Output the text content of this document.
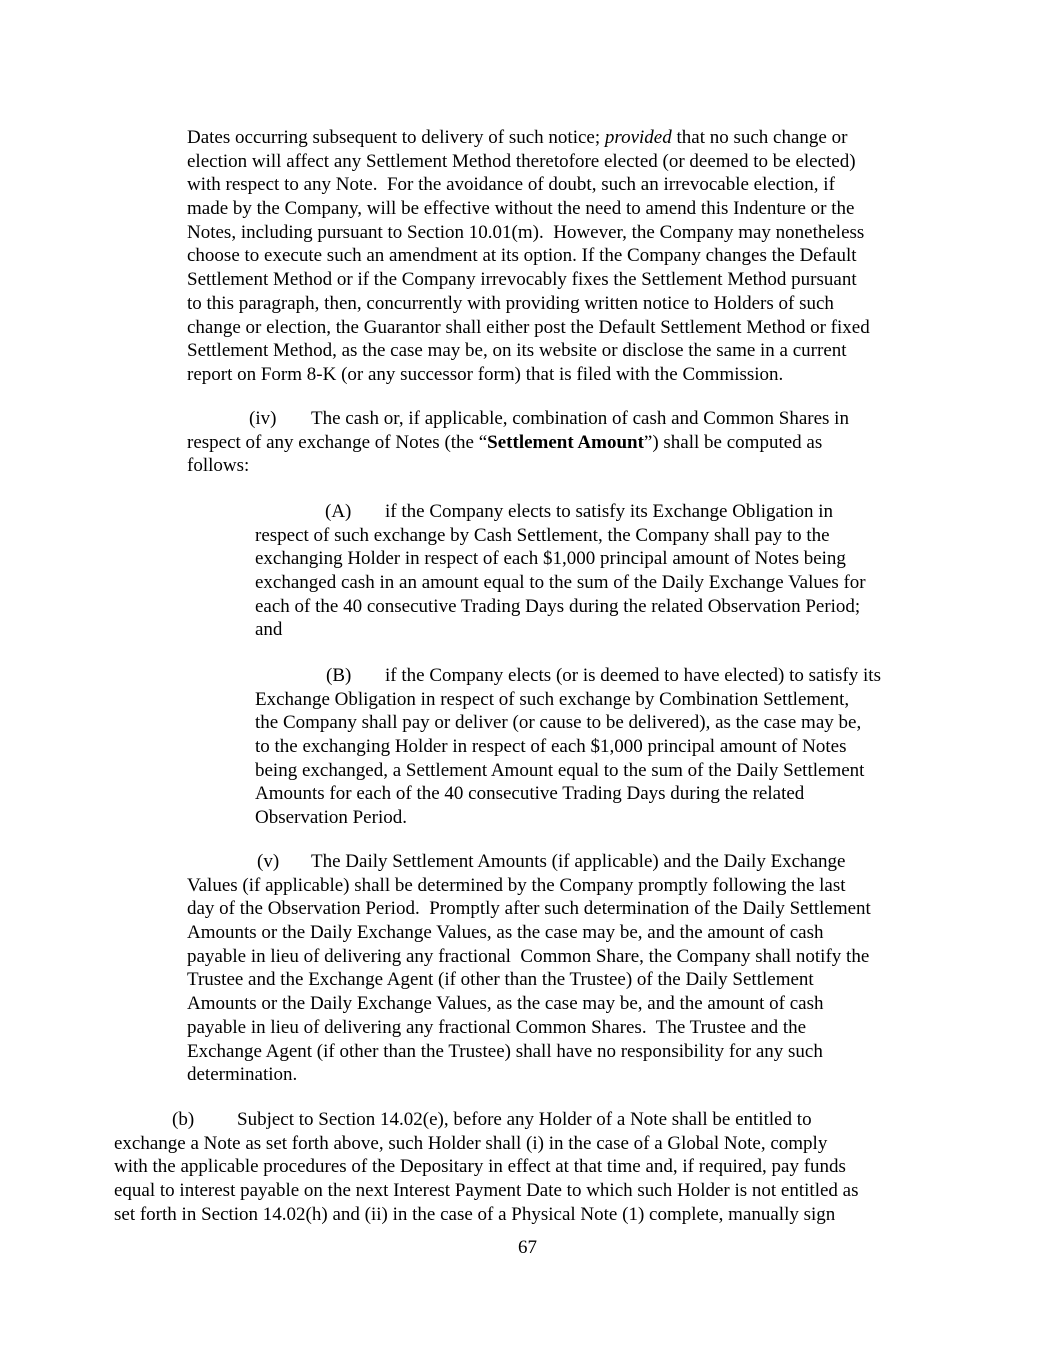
Dates occurring subsequent to delivery of such notice; provided that no such change or
election will affect any Settlement Method theretofore elected (or deemed to be elected)
with respect to any Note.  For the avoidance of doubt, such an irrevocable election, if
made by the Company, will be effective without the need to amend this Indenture or the
Notes, including pursuant to Section 10.01(m).  However, the Company may nonetheless
choose to execute such an amendment at its option. If the Company changes the Default
Settlement Method or if the Company irrevocably fixes the Settlement Method pursuant
to this paragraph, then, concurrently with providing written notice to Holders of such
change or election, the Guarantor shall either post the Default Settlement Method or fixed
Settlement Method, as the case may be, on its website or disclose the same in a current
report on Form 8-K (or any successor form) that is filed with the Commission.
(iv) The cash or, if applicable, combination of cash and Common Shares in
respect of any exchange of Notes (the “Settlement Amount”) shall be computed as
follows:
(A) if the Company elects to satisfy its Exchange Obligation in
respect of such exchange by Cash Settlement, the Company shall pay to the
exchanging Holder in respect of each $1,000 principal amount of Notes being
exchanged cash in an amount equal to the sum of the Daily Exchange Values for
each of the 40 consecutive Trading Days during the related Observation Period;
and
(B) if the Company elects (or is deemed to have elected) to satisfy its
Exchange Obligation in respect of such exchange by Combination Settlement,
the Company shall pay or deliver (or cause to be delivered), as the case may be,
to the exchanging Holder in respect of each $1,000 principal amount of Notes
being exchanged, a Settlement Amount equal to the sum of the Daily Settlement
Amounts for each of the 40 consecutive Trading Days during the related
Observation Period.
(v) The Daily Settlement Amounts (if applicable) and the Daily Exchange
Values (if applicable) shall be determined by the Company promptly following the last
day of the Observation Period.  Promptly after such determination of the Daily Settlement
Amounts or the Daily Exchange Values, as the case may be, and the amount of cash
payable in lieu of delivering any fractional  Common Share, the Company shall notify the
Trustee and the Exchange Agent (if other than the Trustee) of the Daily Settlement
Amounts or the Daily Exchange Values, as the case may be, and the amount of cash
payable in lieu of delivering any fractional Common Shares.  The Trustee and the
Exchange Agent (if other than the Trustee) shall have no responsibility for any such
determination.
(b) Subject to Section 14.02(e), before any Holder of a Note shall be entitled to
exchange a Note as set forth above, such Holder shall (i) in the case of a Global Note, comply
with the applicable procedures of the Depositary in effect at that time and, if required, pay funds
equal to interest payable on the next Interest Payment Date to which such Holder is not entitled as
set forth in Section 14.02(h) and (ii) in the case of a Physical Note (1) complete, manually sign
67
